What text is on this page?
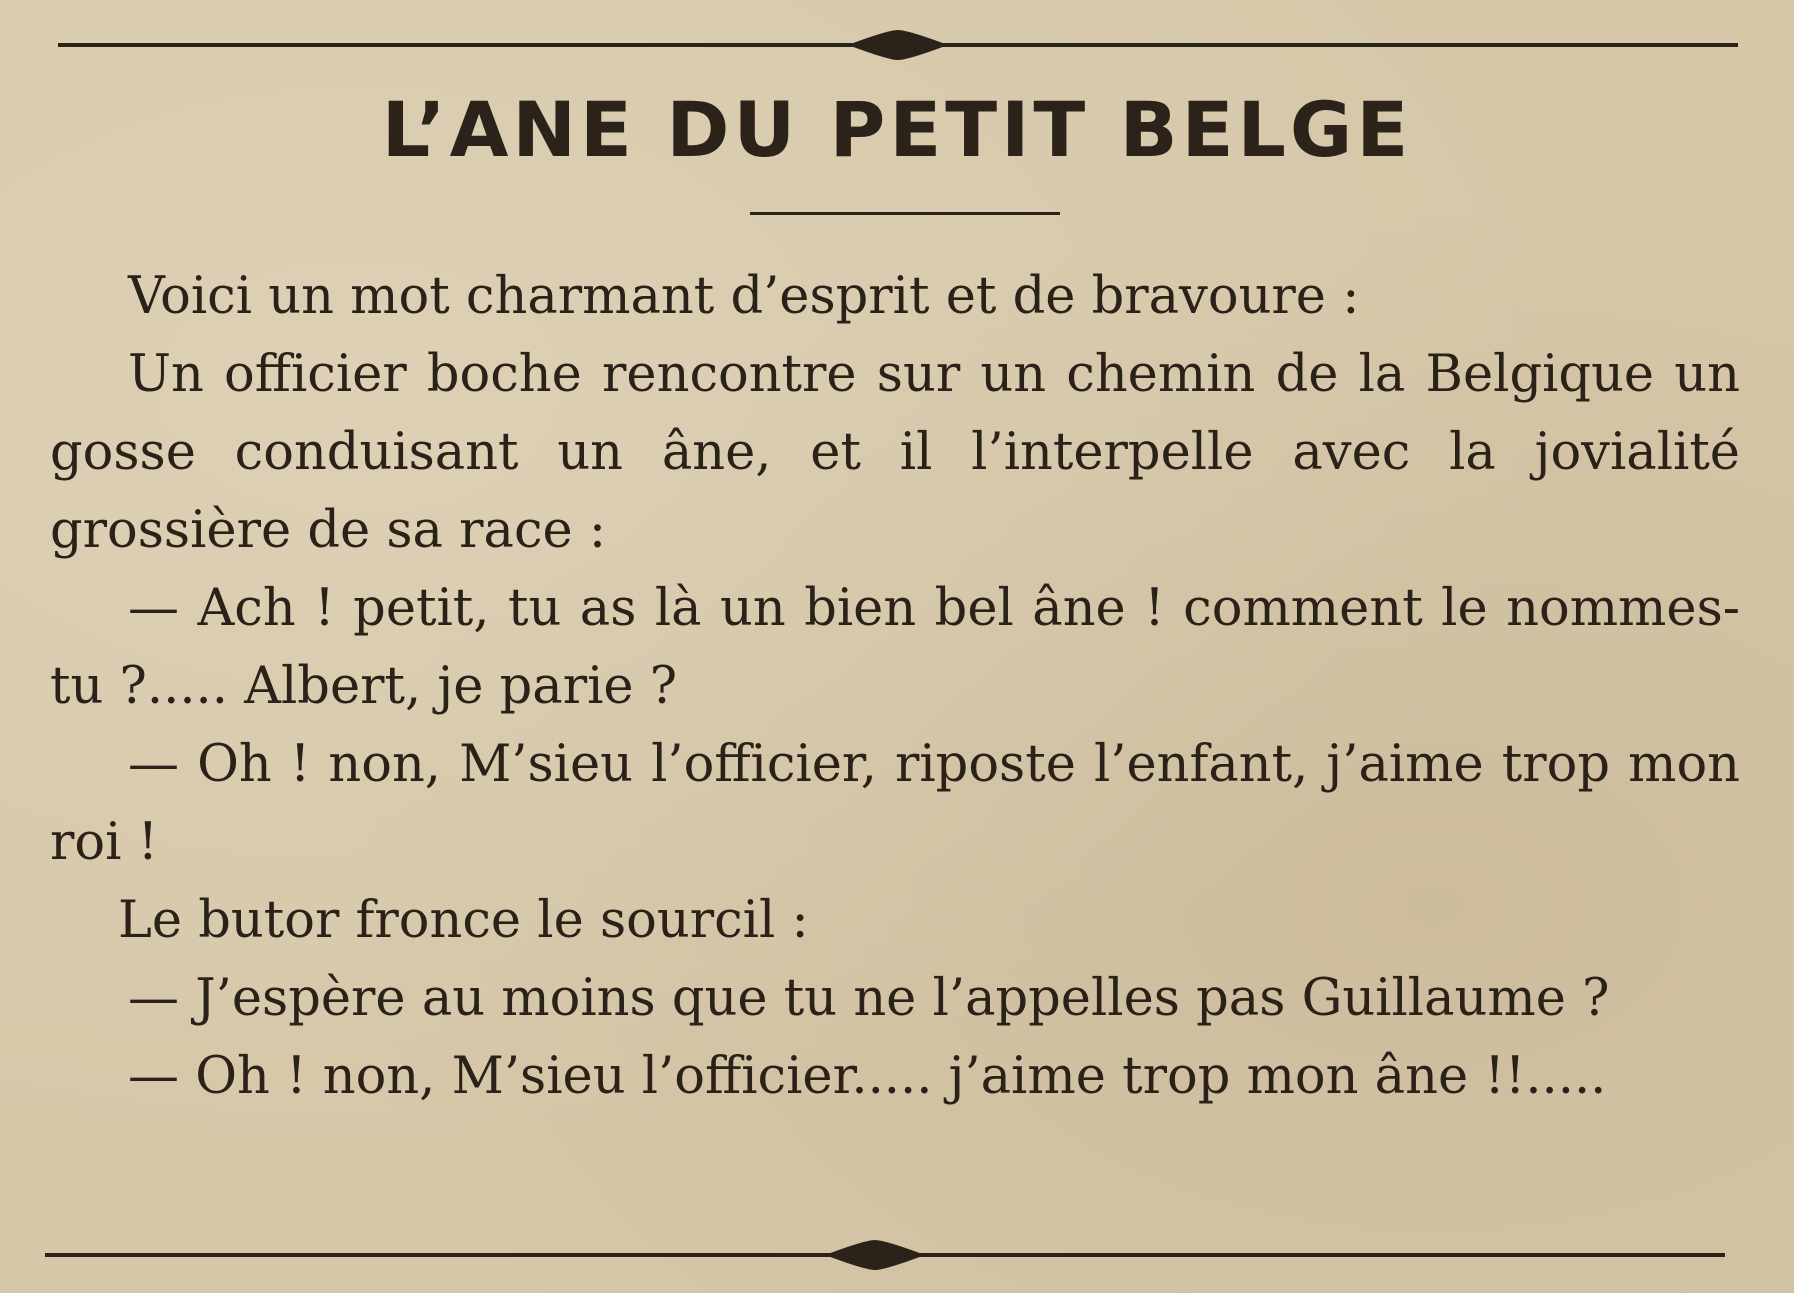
L’ANE DU PETIT BELGE

Voici un mot charmant d’esprit et de bravoure :

Un officier boche rencontre sur un chemin de la Belgique un gosse conduisant un âne, et il l’interpelle avec la jovialité grossière de sa race :

— Ach ! petit, tu as là un bien bel âne ! comment le nommes-tu ?..... Albert, je parie ?

— Oh ! non, M’sieu l’officier, riposte l’enfant, j’aime trop mon roi !

Le butor fronce le sourcil :

— J’espère au moins que tu ne l’appelles pas Guillaume ?

— Oh ! non, M’sieu l’officier..... j’aime trop mon âne !!.....
